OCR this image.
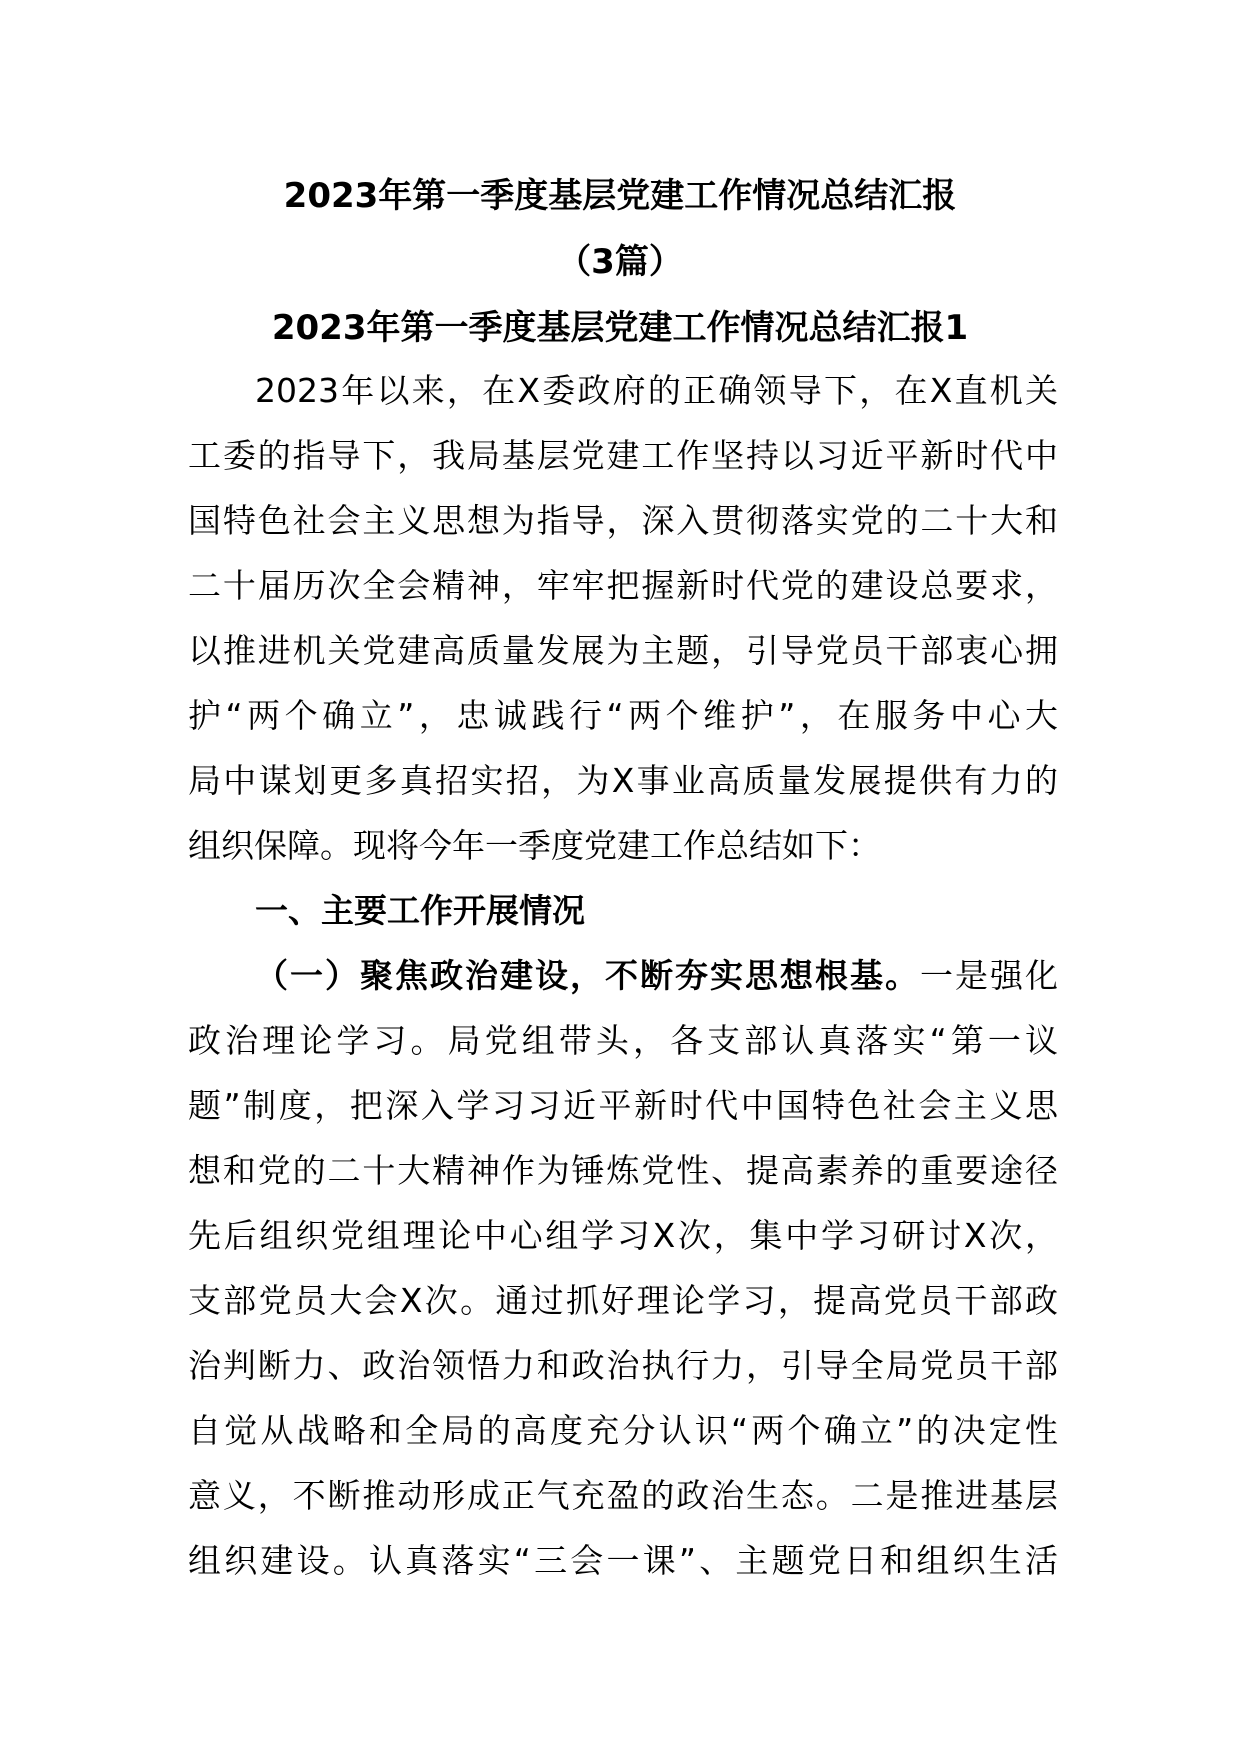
2023年第一季度基层党建工作情况总结汇报
（3篇）
2023年第一季度基层党建工作情况总结汇报1
2023年以来，在X委政府的正确领导下，在X直机关
工委的指导下，我局基层党建工作坚持以习近平新时代中
国特色社会主义思想为指导，深入贯彻落实党的二十大和
二十届历次全会精神，牢牢把握新时代党的建设总要求，
以推进机关党建高质量发展为主题，引导党员干部衷心拥
护“两个确立”，忠诚践行“两个维护”，在服务中心大
局中谋划更多真招实招，为X事业高质量发展提供有力的
组织保障。现将今年一季度党建工作总结如下：
一、主要工作开展情况
（一）聚焦政治建设，不断夯实思想根基。一是强化
政治理论学习。局党组带头，各支部认真落实“第一议
题”制度，把深入学习习近平新时代中国特色社会主义思
想和党的二十大精神作为锤炼党性、提高素养的重要途径
先后组织党组理论中心组学习X次，集中学习研讨X次，
支部党员大会X次。通过抓好理论学习，提高党员干部政
治判断力、政治领悟力和政治执行力，引导全局党员干部
自觉从战略和全局的高度充分认识“两个确立”的决定性
意义，不断推动形成正气充盈的政治生态。二是推进基层
组织建设。认真落实“三会一课”、主题党日和组织生活
